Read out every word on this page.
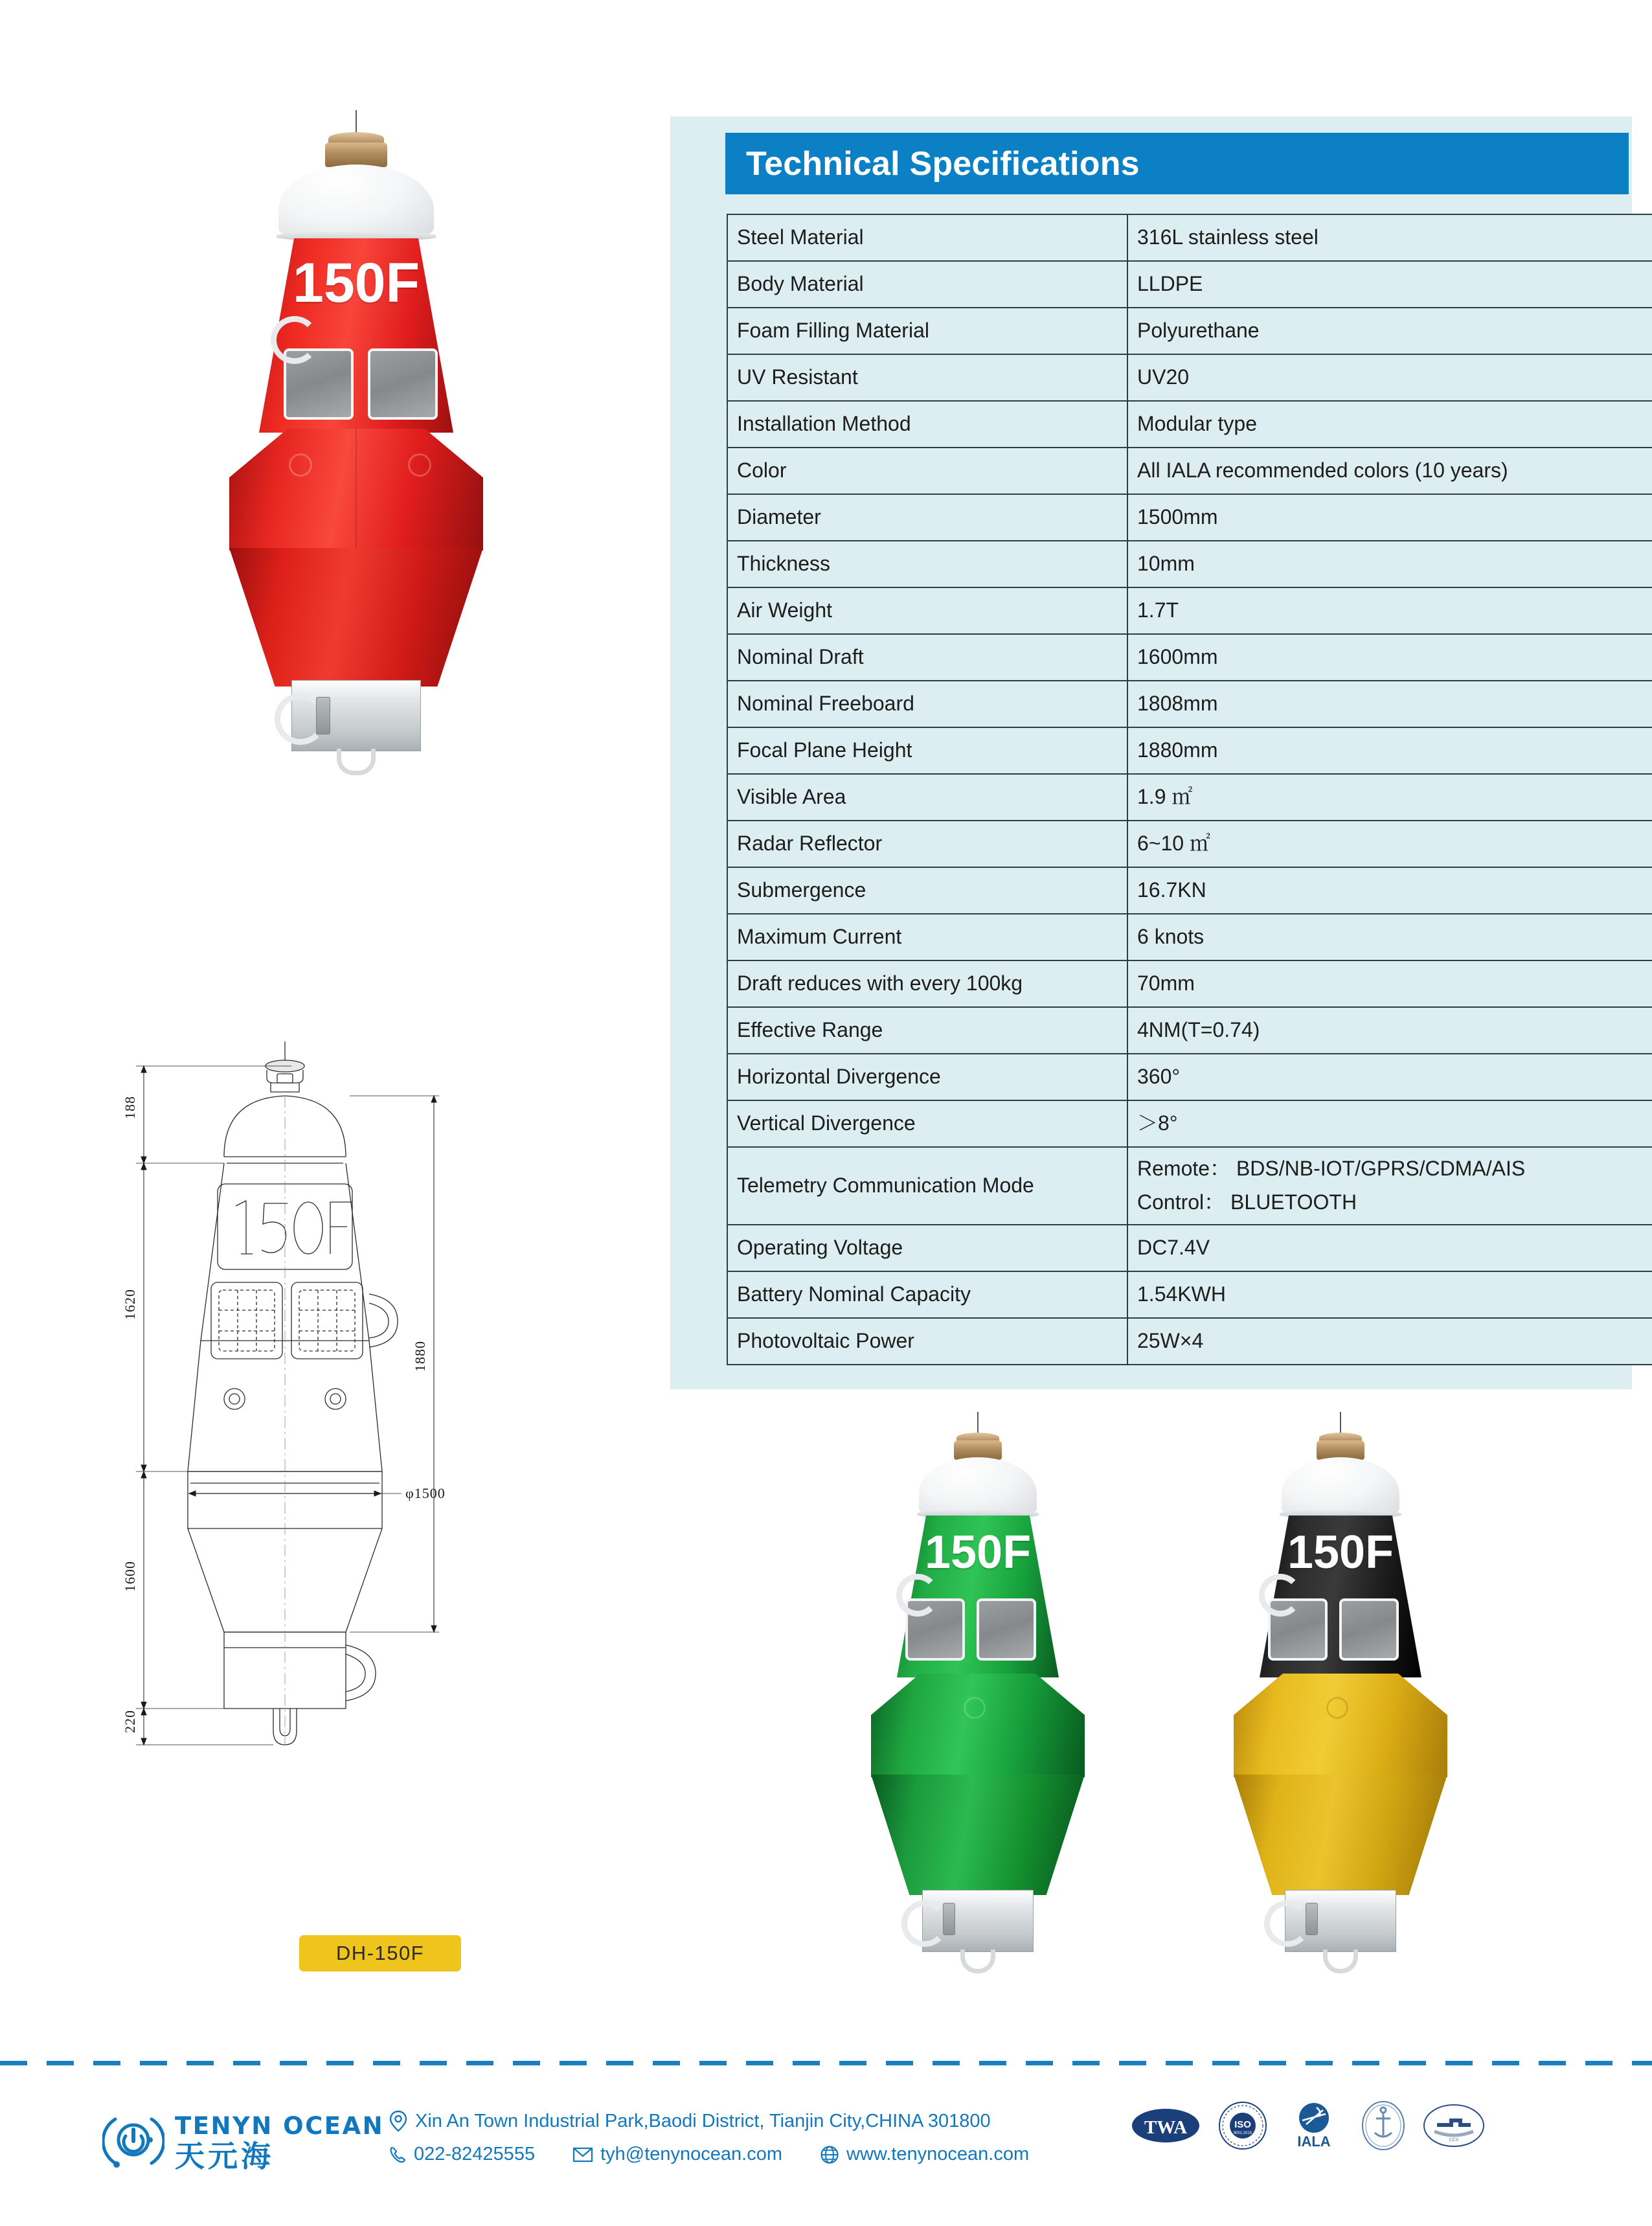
Technical Specifications
Steel Material	316L stainless steel
Body Material	LLDPE
Foam Filling Material	Polyurethane
UV Resistant	UV20
Installation Method	Modular type
Color	All IALA recommended colors (10 years)
Diameter	1500mm
Thickness	10mm
Air Weight	1.7T
Nominal Draft	1600mm
Nominal Freeboard	1808mm
Focal Plane Height	1880mm
Visible Area	1.9 ㎡
Radar Reflector	6~10 ㎡
Submergence	16.7KN
Maximum Current	6 knots
Draft reduces with every 100kg	70mm
Effective Range	4NM(T=0.74)
Horizontal Divergence	360°
Vertical Divergence	＞8°
Telemetry Communication Mode	Remote： BDS/NB-IOT/GPRS/CDMA/AIS
Control： BLUETOOTH

Operating Voltage	DC7.4V
Battery Nominal Capacity	1.54KWH
Photovoltaic Power	25W×4
150F
188
1620
1600
220
1880
φ1500
DH-150F
150F	150F
TENYN OCEAN
天元海
Xin An Town Industrial Park,Baodi District, Tianjin City,CHINA 301800
022-82425555	tyh@tenynocean.com	www.tenynocean.com
TWA	ISO
9001:2015	IALA	CCS
